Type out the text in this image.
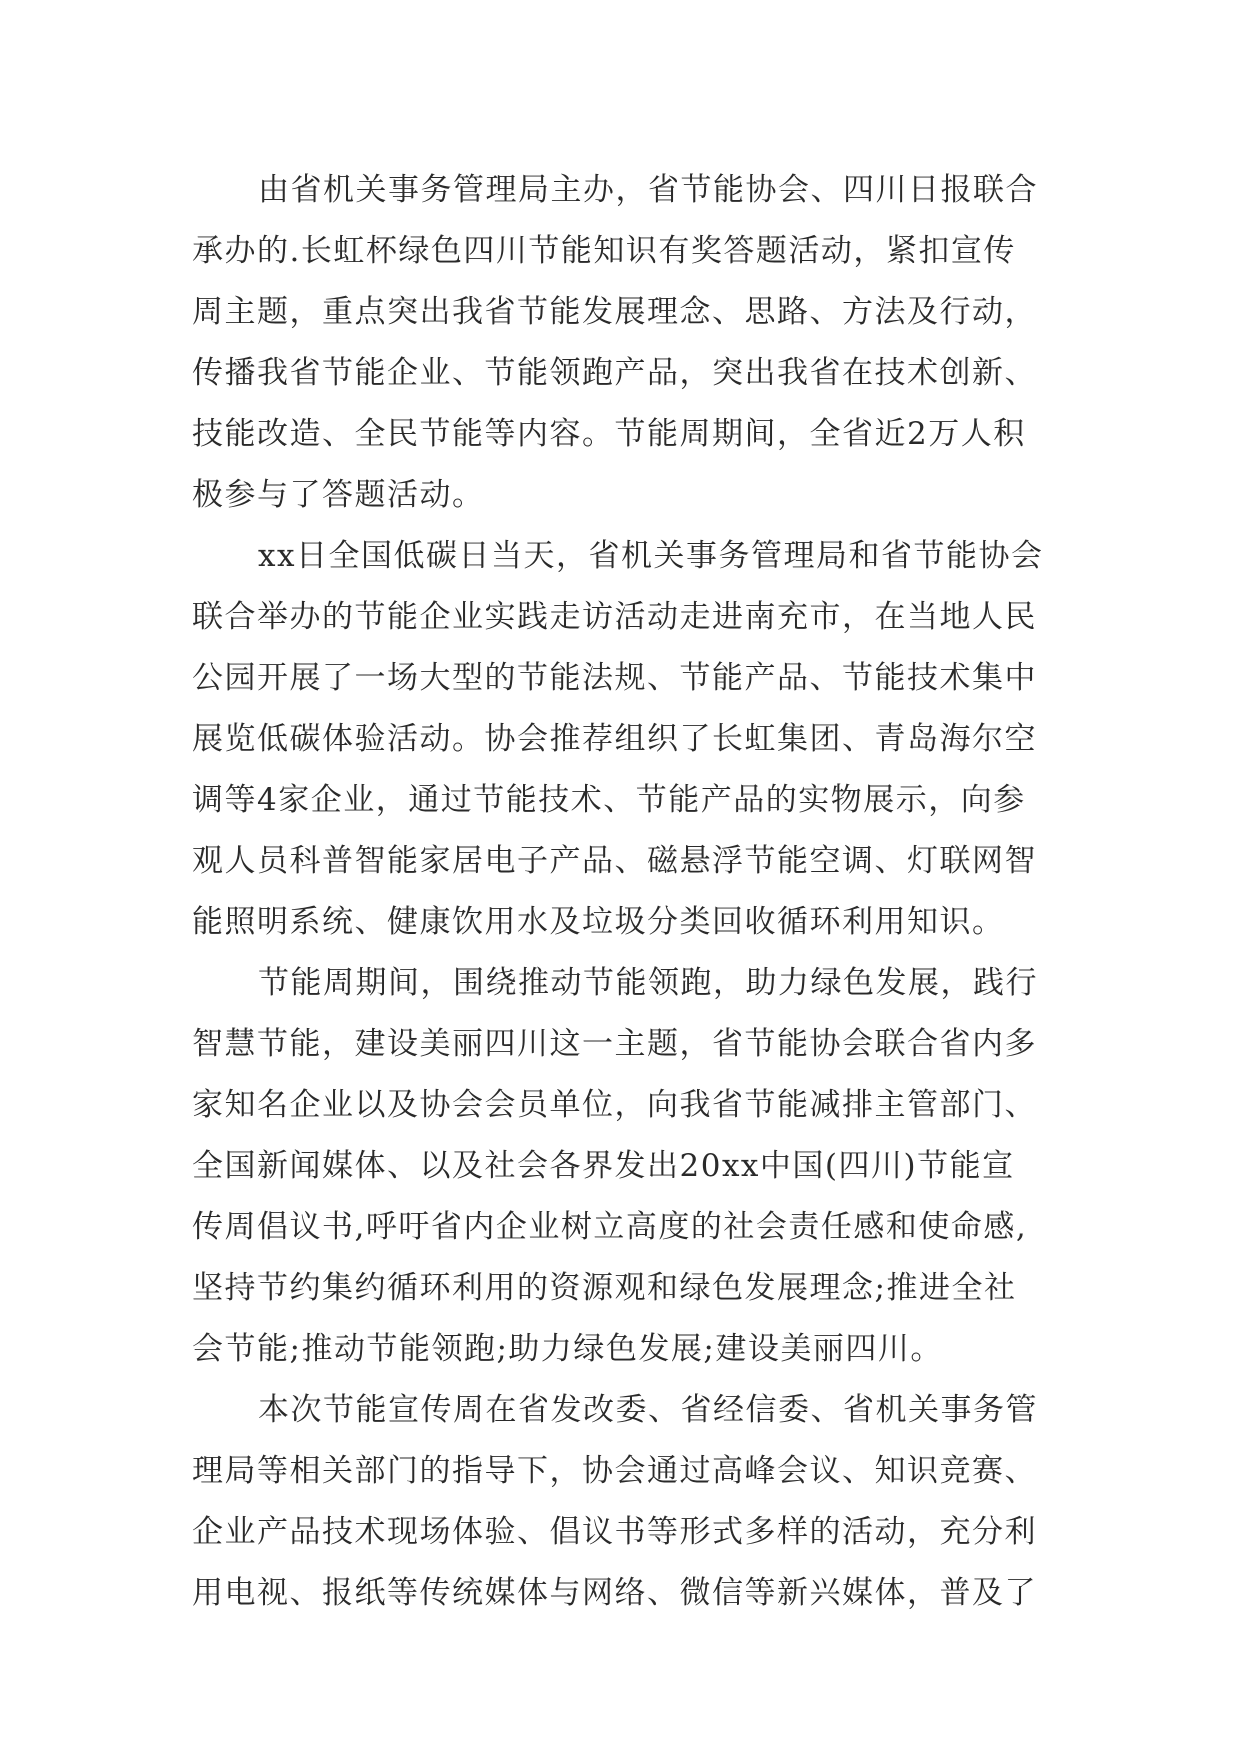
由省机关事务管理局主办，省节能协会、四川日报联合
承办的.长虹杯绿色四川节能知识有奖答题活动，紧扣宣传
周主题，重点突出我省节能发展理念、思路、方法及行动，
传播我省节能企业、节能领跑产品，突出我省在技术创新、
技能改造、全民节能等内容。节能周期间，全省近2万人积
极参与了答题活动。
xx日全国低碳日当天，省机关事务管理局和省节能协会
联合举办的节能企业实践走访活动走进南充市，在当地人民
公园开展了一场大型的节能法规、节能产品、节能技术集中
展览低碳体验活动。协会推荐组织了长虹集团、青岛海尔空
调等4家企业，通过节能技术、节能产品的实物展示，向参
观人员科普智能家居电子产品、磁悬浮节能空调、灯联网智
能照明系统、健康饮用水及垃圾分类回收循环利用知识。
节能周期间，围绕推动节能领跑，助力绿色发展，践行
智慧节能，建设美丽四川这一主题，省节能协会联合省内多
家知名企业以及协会会员单位，向我省节能减排主管部门、
全国新闻媒体、以及社会各界发出20xx中国(四川)节能宣
传周倡议书,呼吁省内企业树立高度的社会责任感和使命感,
坚持节约集约循环利用的资源观和绿色发展理念;推进全社
会节能;推动节能领跑;助力绿色发展;建设美丽四川。
本次节能宣传周在省发改委、省经信委、省机关事务管
理局等相关部门的指导下，协会通过高峰会议、知识竞赛、
企业产品技术现场体验、倡议书等形式多样的活动，充分利
用电视、报纸等传统媒体与网络、微信等新兴媒体，普及了
